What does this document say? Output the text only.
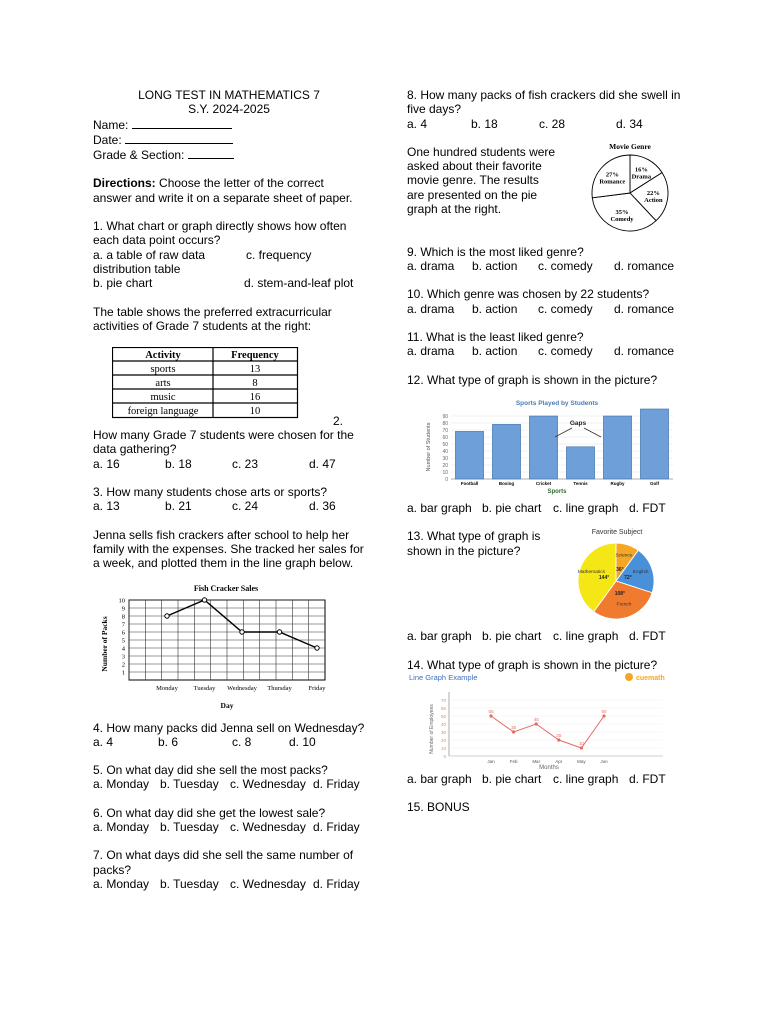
LONG TEST IN MATHEMATICS 7

S.Y. 2024-2025

Name:

Date:

Grade & Section:

Directions: Choose the letter of the correct answer and write it on a separate sheet of paper.

1. What chart or graph directly shows how often each data point occurs?

a. a table of raw data	c. frequency

distribution table

b. pie chart	d. stem-and-leaf plot

The table shows the preferred extracurricular activities of Grade 7 students at the right:

Activity	Frequency
sports	13
arts	8
music	16
foreign language	10
2.

How many Grade 7 students were chosen for the data gathering?

a. 16	b. 18	c. 23	d. 47

3. How many students chose arts or sports?

a. 13	b. 21	c. 24	d. 36

Jenna sells fish crackers after school to help her family with the expenses. She tracked her sales for a week, and plotted them in the line graph below.

Fish Cracker Sales
Number of Packs
Day
1
2
3
4
5
6
7
8
9
10
Monday Tuesday Wednesday Thursday	Friday

4. How many packs did Jenna sell on Wednesday?

a. 4	b. 6	c. 8	d. 10

5. On what day did she sell the most packs?

a. Monday b. Tuesday c. Wednesday d. Friday

6. On what day did she get the lowest sale?

a. Monday b. Tuesday c. Wednesday d. Friday

7. On what days did she sell the same number of packs?

a. Monday b. Tuesday c. Wednesday d. Friday

8. How many packs of fish crackers did she swell in five days?

a. 4	b. 18	c. 28	d. 34

One hundred students were asked about their favorite movie genre. The results are presented on the pie graph at the right.

Movie Genre
16%
Drama
22%
Action
35%
Comedy
27%
Romance

9. Which is the most liked genre?

a. drama	b. action	c. comedy	d. romance

10. Which genre was chosen by 22 students?

a. drama	b. action	c. comedy	d. romance

11. What is the least liked genre?

a. drama	b. action	c. comedy	d. romance

12. What type of graph is shown in the picture?

Sports Played by Students
Number of Students
Sports
0
10
20
30
40
50
60
70
80
90
Football	Boxing	Cricket	Tennis	Rugby	Golf
Gaps
a. bar graph b. pie chart c. line graph d. FDT

13. What type of graph is shown in the picture?

Favorite Subject
Science
36° English
72°
French
108°
Mathematics
144°
a. bar graph b. pie chart c. line graph d. FDT

14. What type of graph is shown in the picture?

Line Graph Example	cuemath
Number of Employees
Months
0
10
20
30
40
50
60
70
Jan	Feb	Mar	Apr	May	Jun
50
30
40
20
10
50
a. bar graph b. pie chart c. line graph d. FDT

15. BONUS
